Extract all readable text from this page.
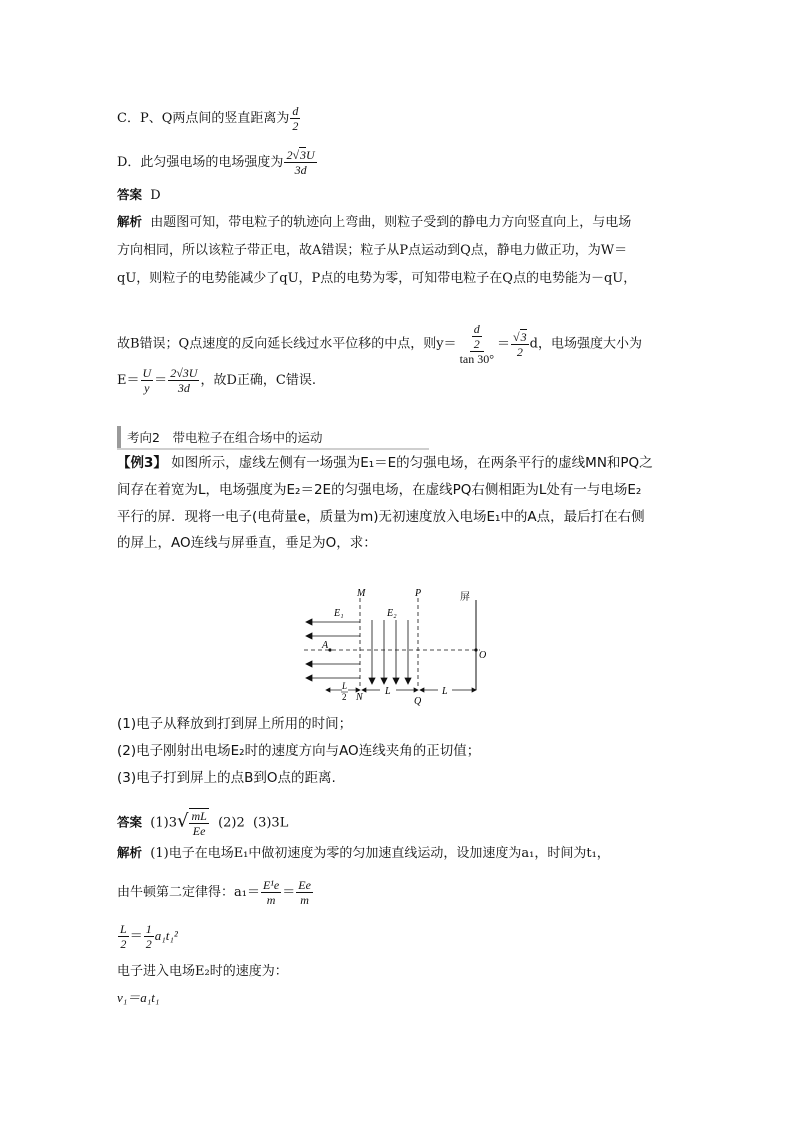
C．P、Q两点间的竖直距离为 $\frac{d}{2}$
D．此匀强电场的电场强度为 $\frac{2√3U}{3d}$
答案 D
解析 由题图可知，带电粒子的轨迹向上弯曲，则粒子受到的静电力方向竖直向上，与电场
方向相同，所以该粒子带正电，故A错误；粒子从P点运动到Q点，静电力做正功，为W＝
qU，则粒子的电势能减少了qU，P点的电势为零，可知带电粒子在Q点的电势能为－qU，
故B错误；Q点速度的反向延长线过水平位移的中点，则$y= \frac{\frac{d}{2}}{\tan 30^\circ} = \frac{√3}{2}$ d，电场强度大小为
$E= \frac{U}{y} = \frac{2√3U}{3d}$ ，故D正确，C错误.
考向2　带电粒子在组合场中的运动
【例3】 如图所示，虚线左侧有一场强为E₁＝E的匀强电场，在两条平行的虚线MN和PQ之
间存在着宽为L，电场强度为E₂＝2E的匀强电场，在虚线PQ右侧相距为L处有一与电场E₂
平行的屏．现将一电子(电荷量e，质量为m)无初速度放入电场E₁中的A点，最后打在右侧
的屏上，AO连线与屏垂直，垂足为O，求：
M	P	屏
E₁	E₂
A
O
N	Q
L
2	L	L
(1)电子从释放到打到屏上所用的时间；
(2)电子刚射出电场E₂时的速度方向与AO连线夹角的正切值；
(3)电子打到屏上的点B到O点的距离.
答案 $(1)3√ \frac{mL}{Ee} (2)2$ (3)3L
解析 (1)电子在电场E₁中做初速度为零的匀加速直线运动，设加速度为a₁，时间为t₁，
由牛顿第二定律得：$a_1= \frac{\text{E¹e}}{m} = \frac{Ee}{m}$
$\frac{L}{2} = \frac{1}{2} a_1t_1^2$
电子进入电场E₂时的速度为：
v₁＝a₁t₁
